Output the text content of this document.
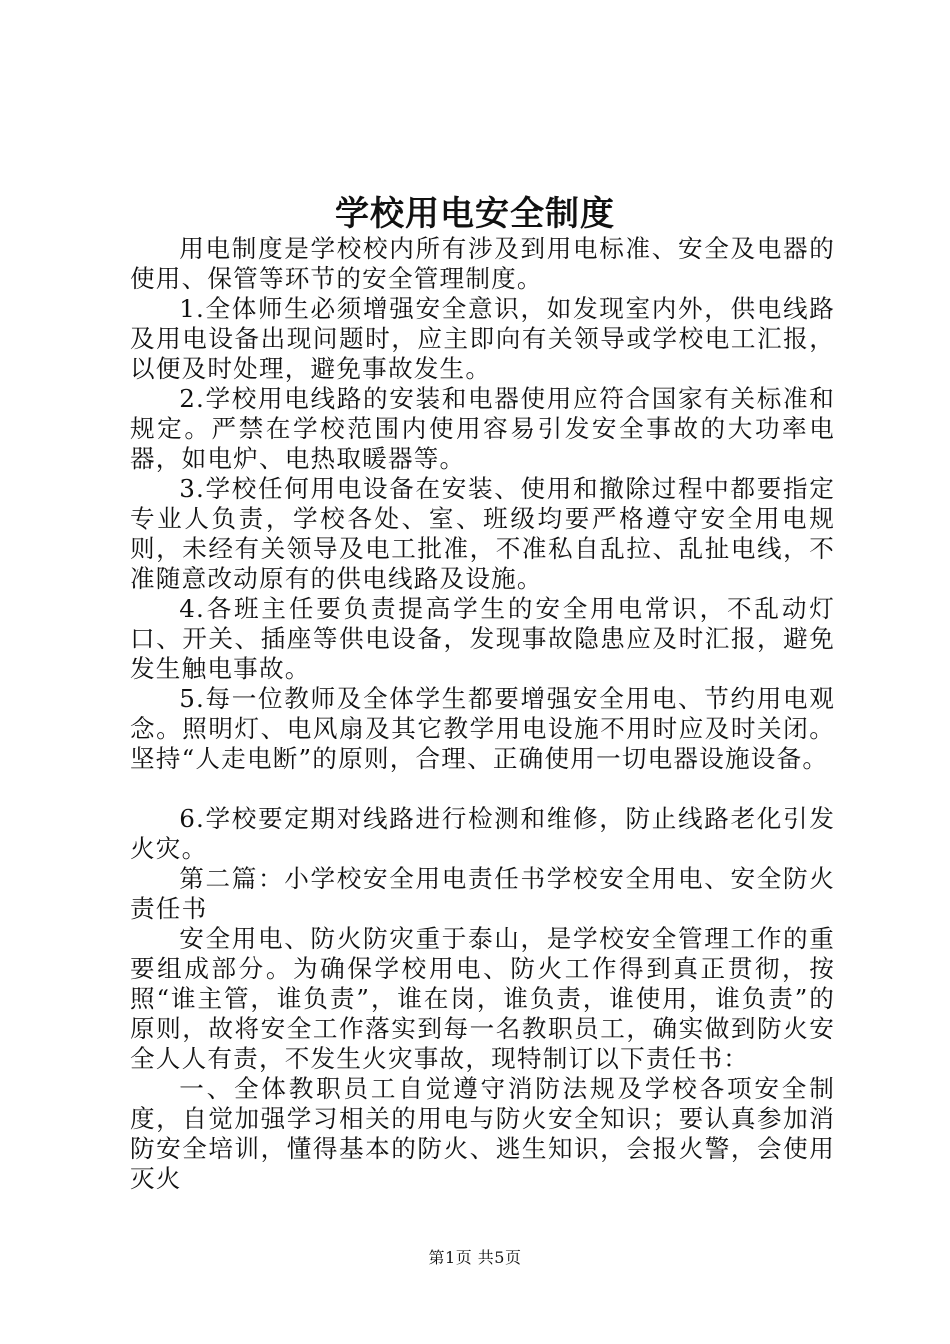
学校用电安全制度

用电制度是学校校内所有涉及到用电标准、安全及电器的使用、保管等环节的安全管理制度。

1.全体师生必须增强安全意识，如发现室内外，供电线路及用电设备出现问题时，应主即向有关领导或学校电工汇报，以便及时处理，避免事故发生。

2.学校用电线路的安装和电器使用应符合国家有关标准和规定。严禁在学校范围内使用容易引发安全事故的大功率电器，如电炉、电热取暖器等。

3.学校任何用电设备在安装、使用和撤除过程中都要指定专业人负责，学校各处、室、班级均要严格遵守安全用电规则，未经有关领导及电工批准，不准私自乱拉、乱扯电线，不准随意改动原有的供电线路及设施。

4.各班主任要负责提高学生的安全用电常识，不乱动灯口、开关、插座等供电设备，发现事故隐患应及时汇报，避免发生触电事故。

5.每一位教师及全体学生都要增强安全用电、节约用电观念。照明灯、电风扇及其它教学用电设施不用时应及时关闭。坚持“人走电断”的原则，合理、正确使用一切电器设施设备。

6.学校要定期对线路进行检测和维修，防止线路老化引发火灾。

第二篇：小学校安全用电责任书学校安全用电、安全防火责任书

安全用电、防火防灾重于泰山，是学校安全管理工作的重要组成部分。为确保学校用电、防火工作得到真正贯彻，按照“谁主管，谁负责”，谁在岗，谁负责，谁使用，谁负责”的原则，故将安全工作落实到每一名教职员工，确实做到防火安全人人有责，不发生火灾事故，现特制订以下责任书：

一、全体教职员工自觉遵守消防法规及学校各项安全制度，自觉加强学习相关的用电与防火安全知识；要认真参加消防安全培训，懂得基本的防火、逃生知识，会报火警，会使用灭火

第1页 共5页
